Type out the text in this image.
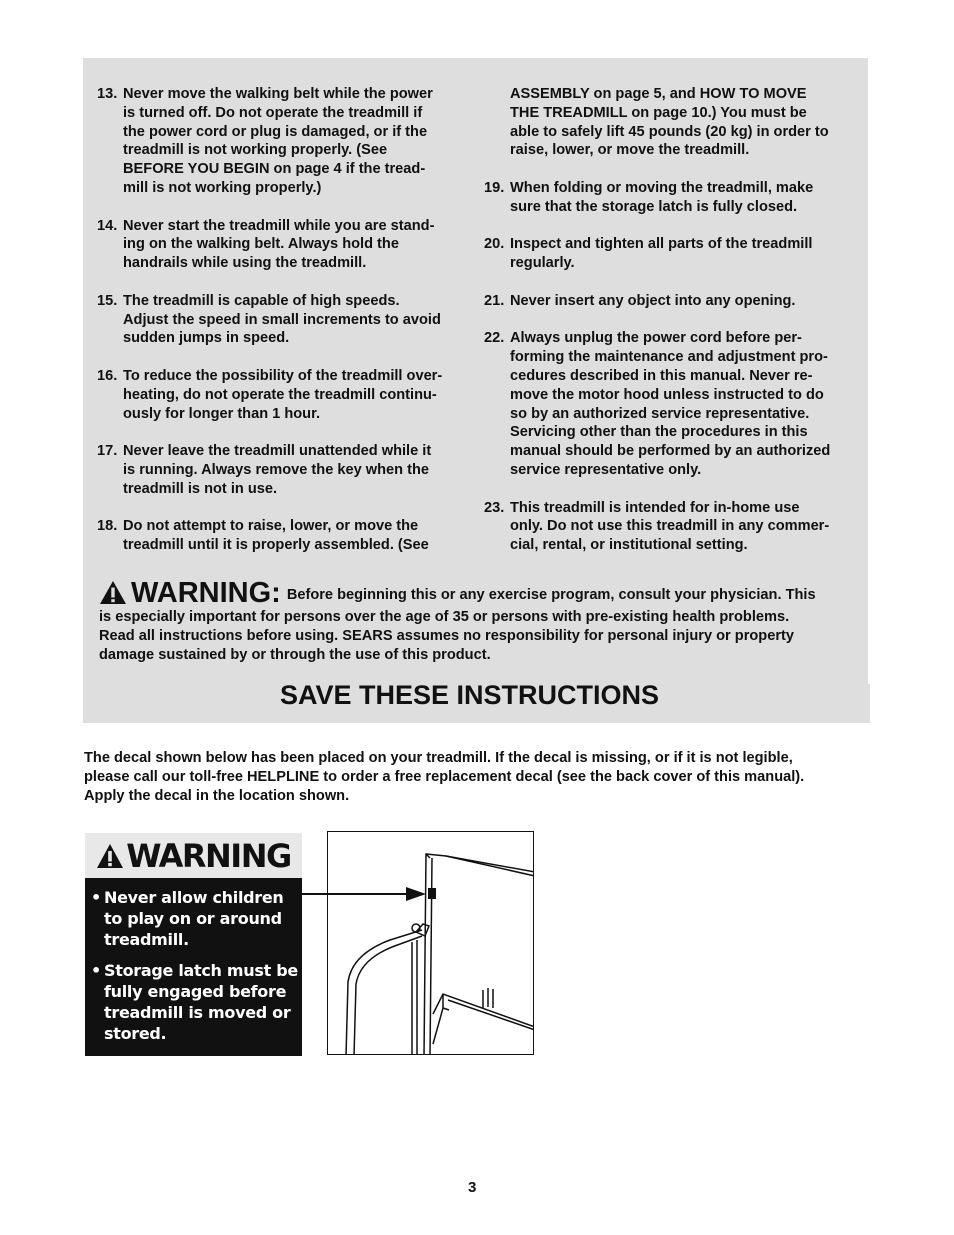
13. Never move the walking belt while the power
is turned off. Do not operate the treadmill if
the power cord or plug is damaged, or if the
treadmill is not working properly. (See
BEFORE YOU BEGIN on page 4 if the tread-
mill is not working properly.)
14. Never start the treadmill while you are stand-
ing on the walking belt. Always hold the
handrails while using the treadmill.
15. The treadmill is capable of high speeds.
Adjust the speed in small increments to avoid
sudden jumps in speed.
16. To reduce the possibility of the treadmill over-
heating, do not operate the treadmill continu-
ously for longer than 1 hour.
17. Never leave the treadmill unattended while it
is running. Always remove the key when the
treadmill is not in use.
18. Do not attempt to raise, lower, or move the
treadmill until it is properly assembled. (See
ASSEMBLY on page 5, and HOW TO MOVE
THE TREADMILL on page 10.) You must be
able to safely lift 45 pounds (20 kg) in order to
raise, lower, or move the treadmill.
19. When folding or moving the treadmill, make
sure that the storage latch is fully closed.
20. Inspect and tighten all parts of the treadmill
regularly.
21. Never insert any object into any opening.
22. Always unplug the power cord before per-
forming the maintenance and adjustment pro-
cedures described in this manual. Never re-
move the motor hood unless instructed to do
so by an authorized service representative.
Servicing other than the procedures in this
manual should be performed by an authorized
service representative only.
23. This treadmill is intended for in-home use
only. Do not use this treadmill in any commer-
cial, rental, or institutional setting.
WARNING: Before beginning this or any exercise program, consult your physician. This
is especially important for persons over the age of 35 or persons with pre-existing health problems.
Read all instructions before using. SEARS assumes no responsibility for personal injury or property
damage sustained by or through the use of this product.
SAVE THESE INSTRUCTIONS
The decal shown below has been placed on your treadmill. If the decal is missing, or if it is not legible,
please call our toll-free HELPLINE to order a free replacement decal (see the back cover of this manual).
Apply the decal in the location shown.
WARNING
• Never allow children
to play on or around
treadmill.
• Storage latch must be
fully engaged before
treadmill is moved or
stored.
3
